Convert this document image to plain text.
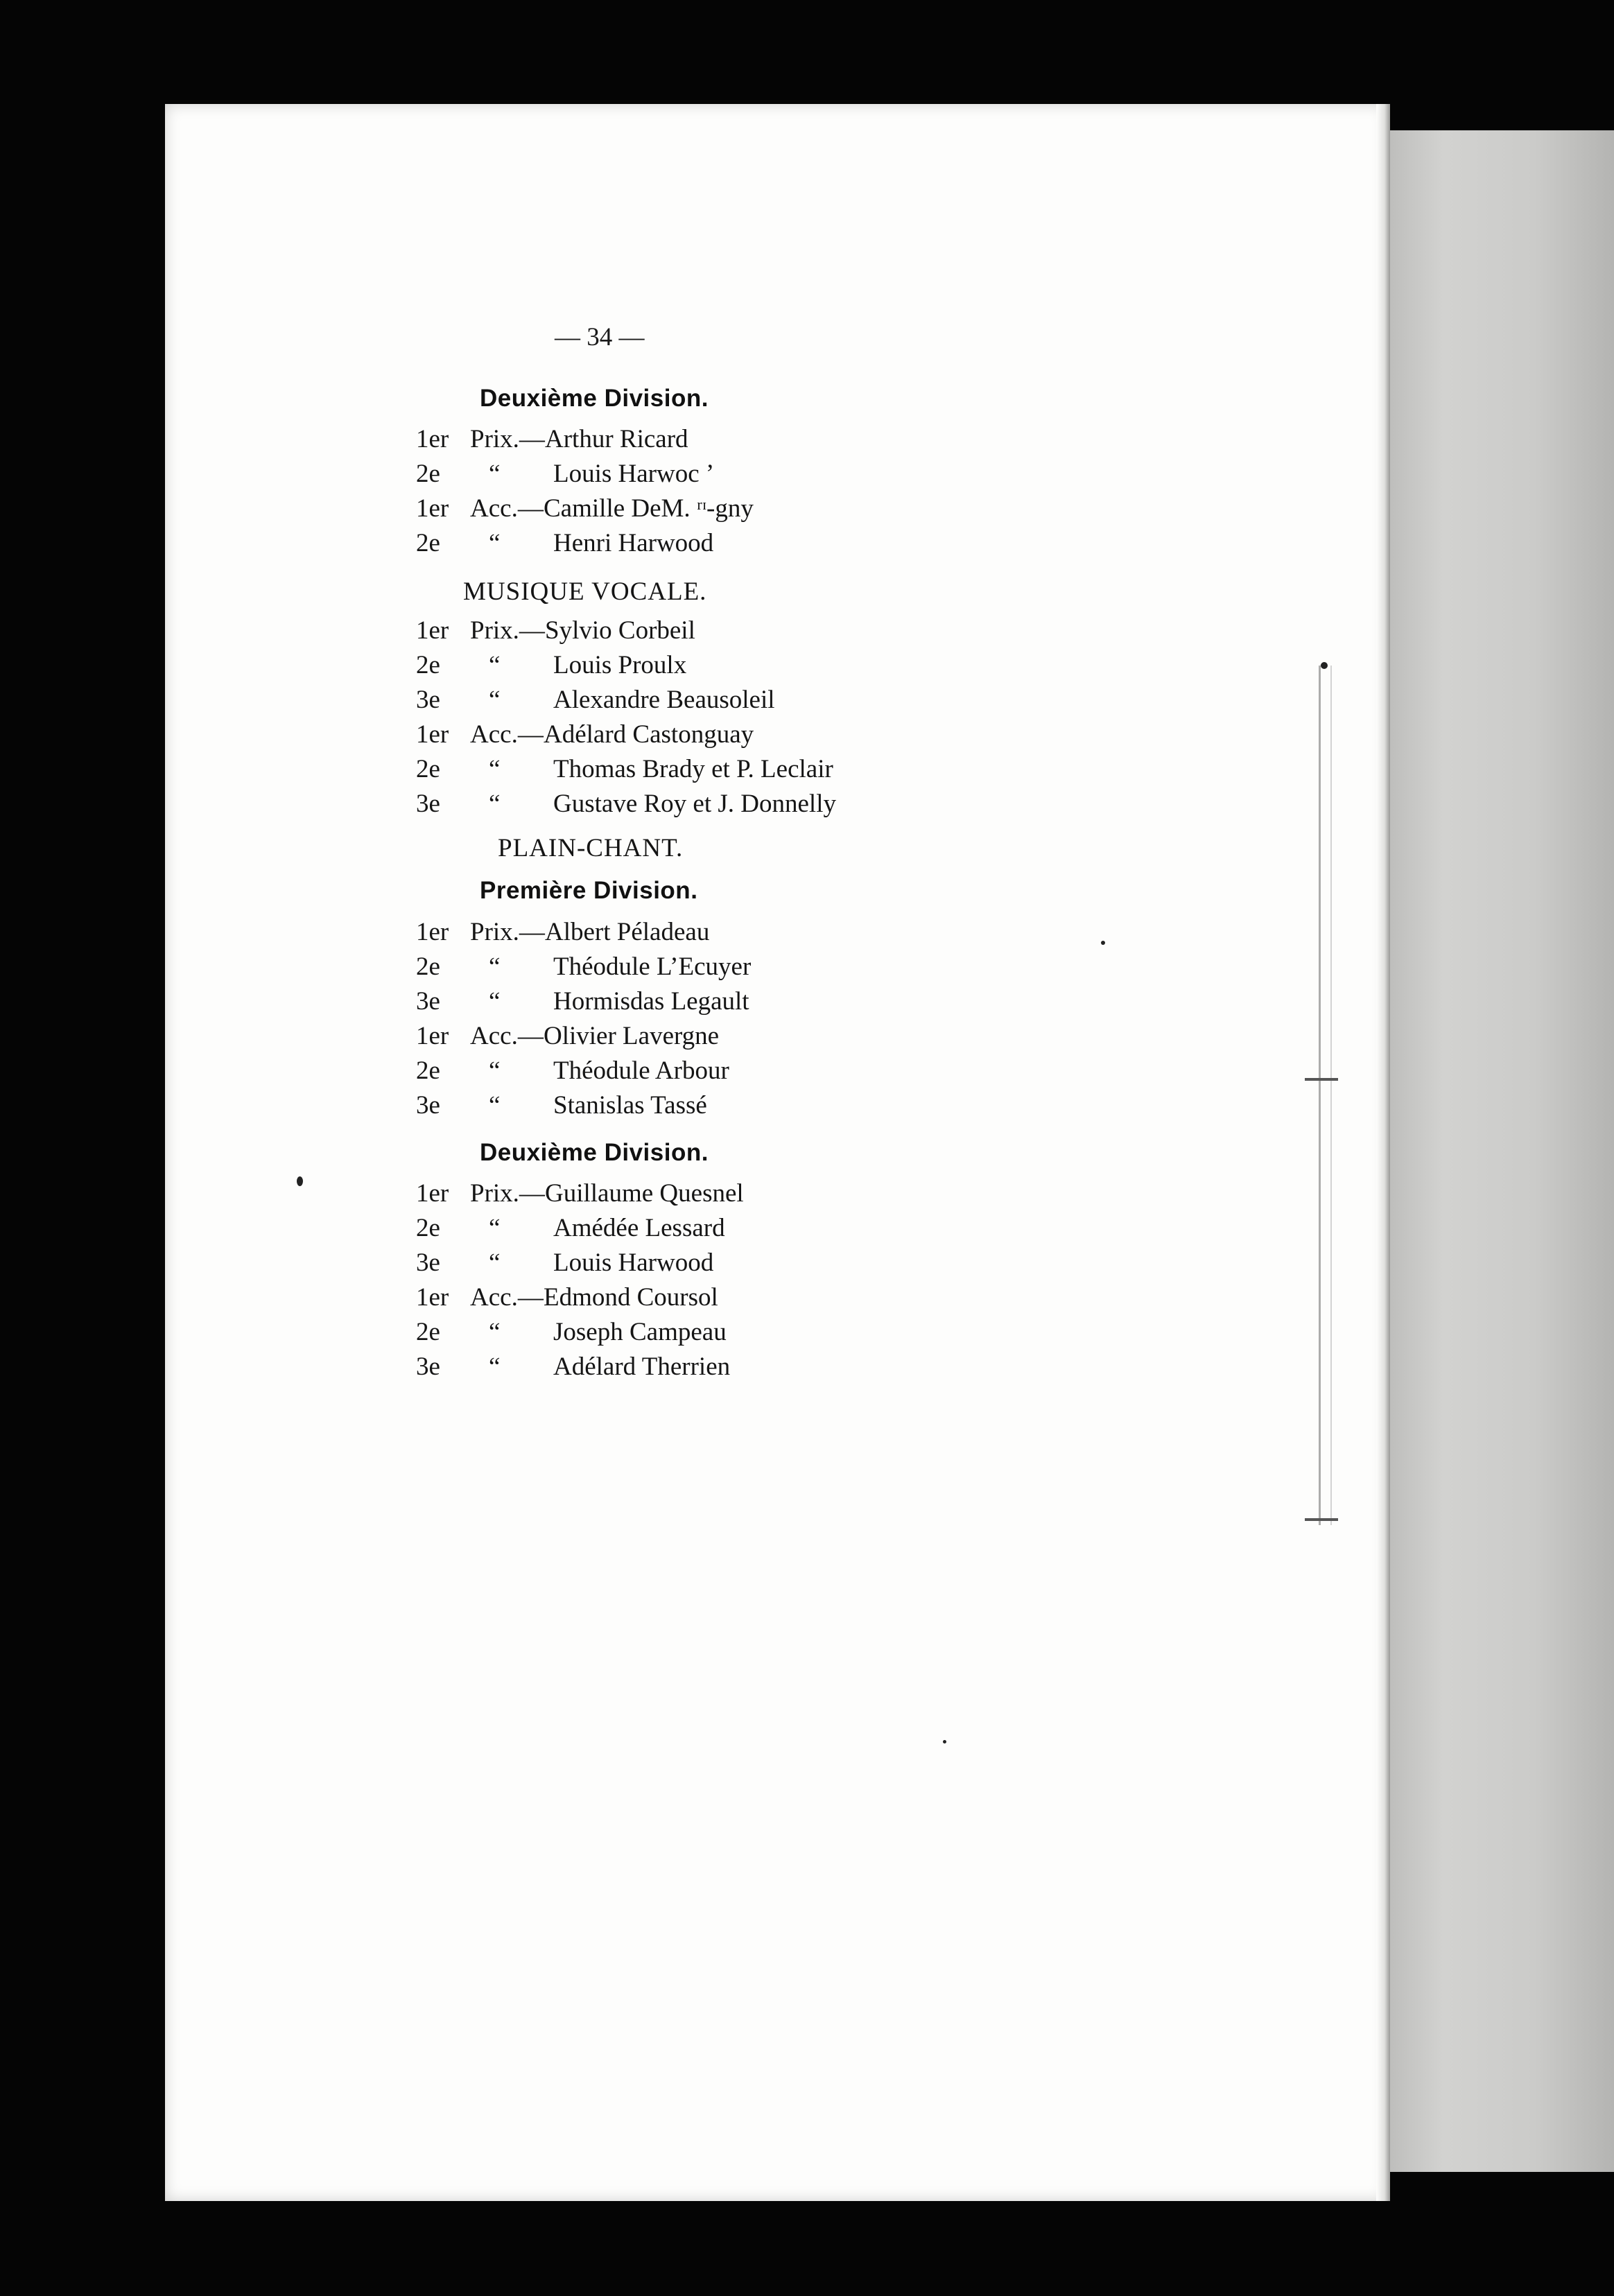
— 34 —
Deuxième Division.
1er Prix.— Arthur Ricard
2e “ Louis Harwoc ’
1er Acc.— Camille DeM. ʳᶦ-gny
2e “ Henri Harwood
MUSIQUE VOCALE.
1er Prix.— Sylvio Corbeil
2e “ Louis Proulx
3e “ Alexandre Beausoleil
1er Acc.— Adélard Castonguay
2e “ Thomas Brady et P. Leclair
3e “ Gustave Roy et J. Donnelly
PLAIN-CHANT.
Première Division.
1er Prix.— Albert Péladeau
2e “ Théodule L’Ecuyer
3e “ Hormisdas Legault
1er Acc.— Olivier Lavergne
2e “ Théodule Arbour
3e “ Stanislas Tassé
Deuxième Division.
1er Prix.— Guillaume Quesnel
2e “ Amédée Lessard
3e “ Louis Harwood
1er Acc.— Edmond Coursol
2e “ Joseph Campeau
3e “ Adélard Therrien
